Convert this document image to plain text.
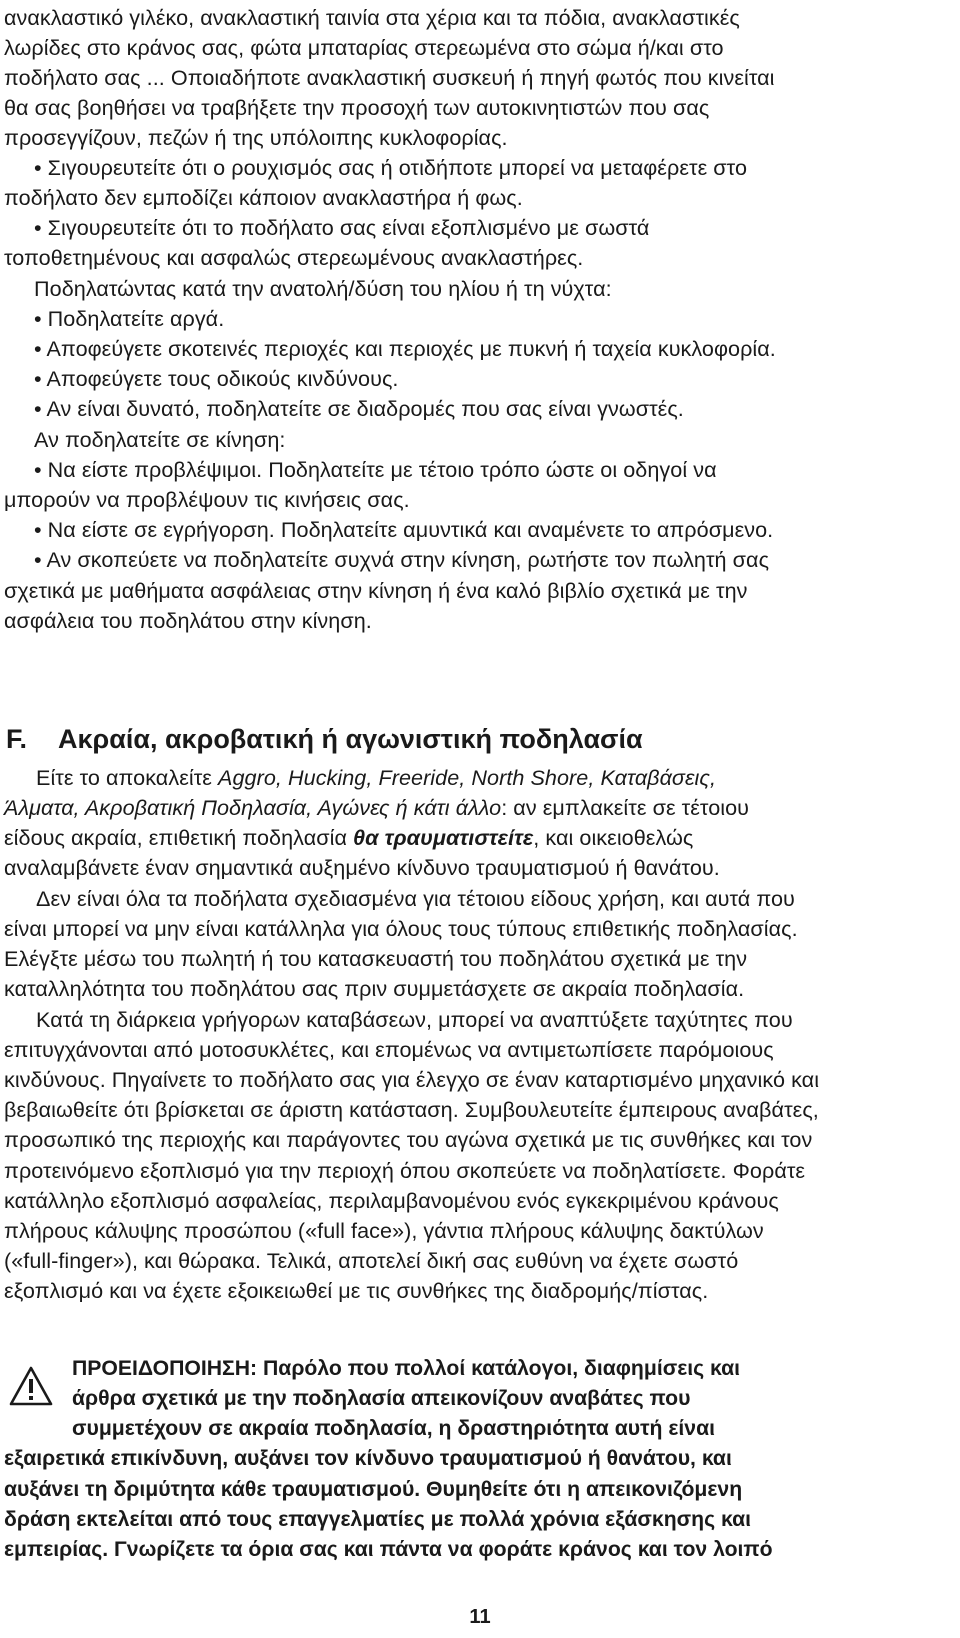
ανακλαστικό γιλέκο, ανακλαστική ταινία στα χέρια και τα πόδια, ανακλαστικές
λωρίδες στο κράνος σας, φώτα μπαταρίας στερεωμένα στο σώμα ή/και στο
ποδήλατο σας ... Οποιαδήποτε ανακλαστική συσκευή ή πηγή φωτός που κινείται
θα σας βοηθήσει να τραβήξετε την προσοχή των αυτοκινητιστών που σας
προσεγγίζουν, πεζών ή της υπόλοιπης κυκλοφορίας.
• Σιγουρευτείτε ότι ο ρουχισμός σας ή οτιδήποτε μπορεί να μεταφέρετε στο
ποδήλατο δεν εμποδίζει κάποιον ανακλαστήρα ή φως.
• Σιγουρευτείτε ότι το ποδήλατο σας είναι εξοπλισμένο με σωστά
τοποθετημένους και ασφαλώς στερεωμένους ανακλαστήρες.
Ποδηλατώντας κατά την ανατολή/δύση του ηλίου ή τη νύχτα:
• Ποδηλατείτε αργά.
• Αποφεύγετε σκοτεινές περιοχές και περιοχές με πυκνή ή ταχεία κυκλοφορία.
• Αποφεύγετε τους οδικούς κινδύνους.
• Αν είναι δυνατό, ποδηλατείτε σε διαδρομές που σας είναι γνωστές.
Αν ποδηλατείτε σε κίνηση:
• Να είστε προβλέψιμοι. Ποδηλατείτε με τέτοιο τρόπο ώστε οι οδηγοί να
μπορούν να προβλέψουν τις κινήσεις σας.
• Να είστε σε εγρήγορση. Ποδηλατείτε αμυντικά και αναμένετε το απρόσμενο.
• Αν σκοπεύετε να ποδηλατείτε συχνά στην κίνηση, ρωτήστε τον πωλητή σας
σχετικά με μαθήματα ασφάλειας στην κίνηση ή ένα καλό βιβλίο σχετικά με την
ασφάλεια του ποδηλάτου στην κίνηση.
F. Ακραία, ακροβατική ή αγωνιστική ποδηλασία
Είτε το αποκαλείτε Aggro, Hucking, Freeride, North Shore, Καταβάσεις,
Άλματα, Ακροβατική Ποδηλασία, Αγώνες ή κάτι άλλο: αν εμπλακείτε σε τέτοιου
είδους ακραία, επιθετική ποδηλασία θα τραυματιστείτε, και οικειοθελώς
αναλαμβάνετε έναν σημαντικά αυξημένο κίνδυνο τραυματισμού ή θανάτου.
Δεν είναι όλα τα ποδήλατα σχεδιασμένα για τέτοιου είδους χρήση, και αυτά που
είναι μπορεί να μην είναι κατάλληλα για όλους τους τύπους επιθετικής ποδηλασίας.
Ελέγξτε μέσω του πωλητή ή του κατασκευαστή του ποδηλάτου σχετικά με την
καταλληλότητα του ποδηλάτου σας πριν συμμετάσχετε σε ακραία ποδηλασία.
Κατά τη διάρκεια γρήγορων καταβάσεων, μπορεί να αναπτύξετε ταχύτητες που
επιτυγχάνονται από μοτοσυκλέτες, και επομένως να αντιμετωπίσετε παρόμοιους
κινδύνους. Πηγαίνετε το ποδήλατο σας για έλεγχο σε έναν καταρτισμένο μηχανικό και
βεβαιωθείτε ότι βρίσκεται σε άριστη κατάσταση. Συμβουλευτείτε έμπειρους αναβάτες,
προσωπικό της περιοχής και παράγοντες του αγώνα σχετικά με τις συνθήκες και τον
προτεινόμενο εξοπλισμό για την περιοχή όπου σκοπεύετε να ποδηλατίσετε. Φοράτε
κατάλληλο εξοπλισμό ασφαλείας, περιλαμβανομένου ενός εγκεκριμένου κράνους
πλήρους κάλυψης προσώπου («full face»), γάντια πλήρους κάλυψης δακτύλων
(«full-finger»), και θώρακα. Τελικά, αποτελεί δική σας ευθύνη να έχετε σωστό
εξοπλισμό και να έχετε εξοικειωθεί με τις συνθήκες της διαδρομής/πίστας.
ΠΡΟΕΙΔΟΠΟΙΗΣΗ: Παρόλο που πολλοί κατάλογοι, διαφημίσεις και
άρθρα σχετικά με την ποδηλασία απεικονίζουν αναβάτες που
συμμετέχουν σε ακραία ποδηλασία, η δραστηριότητα αυτή είναι
εξαιρετικά επικίνδυνη, αυξάνει τον κίνδυνο τραυματισμού ή θανάτου, και
αυξάνει τη δριμύτητα κάθε τραυματισμού. Θυμηθείτε ότι η απεικονιζόμενη
δράση εκτελείται από τους επαγγελματίες με πολλά χρόνια εξάσκησης και
εμπειρίας. Γνωρίζετε τα όρια σας και πάντα να φοράτε κράνος και τον λοιπό
11
